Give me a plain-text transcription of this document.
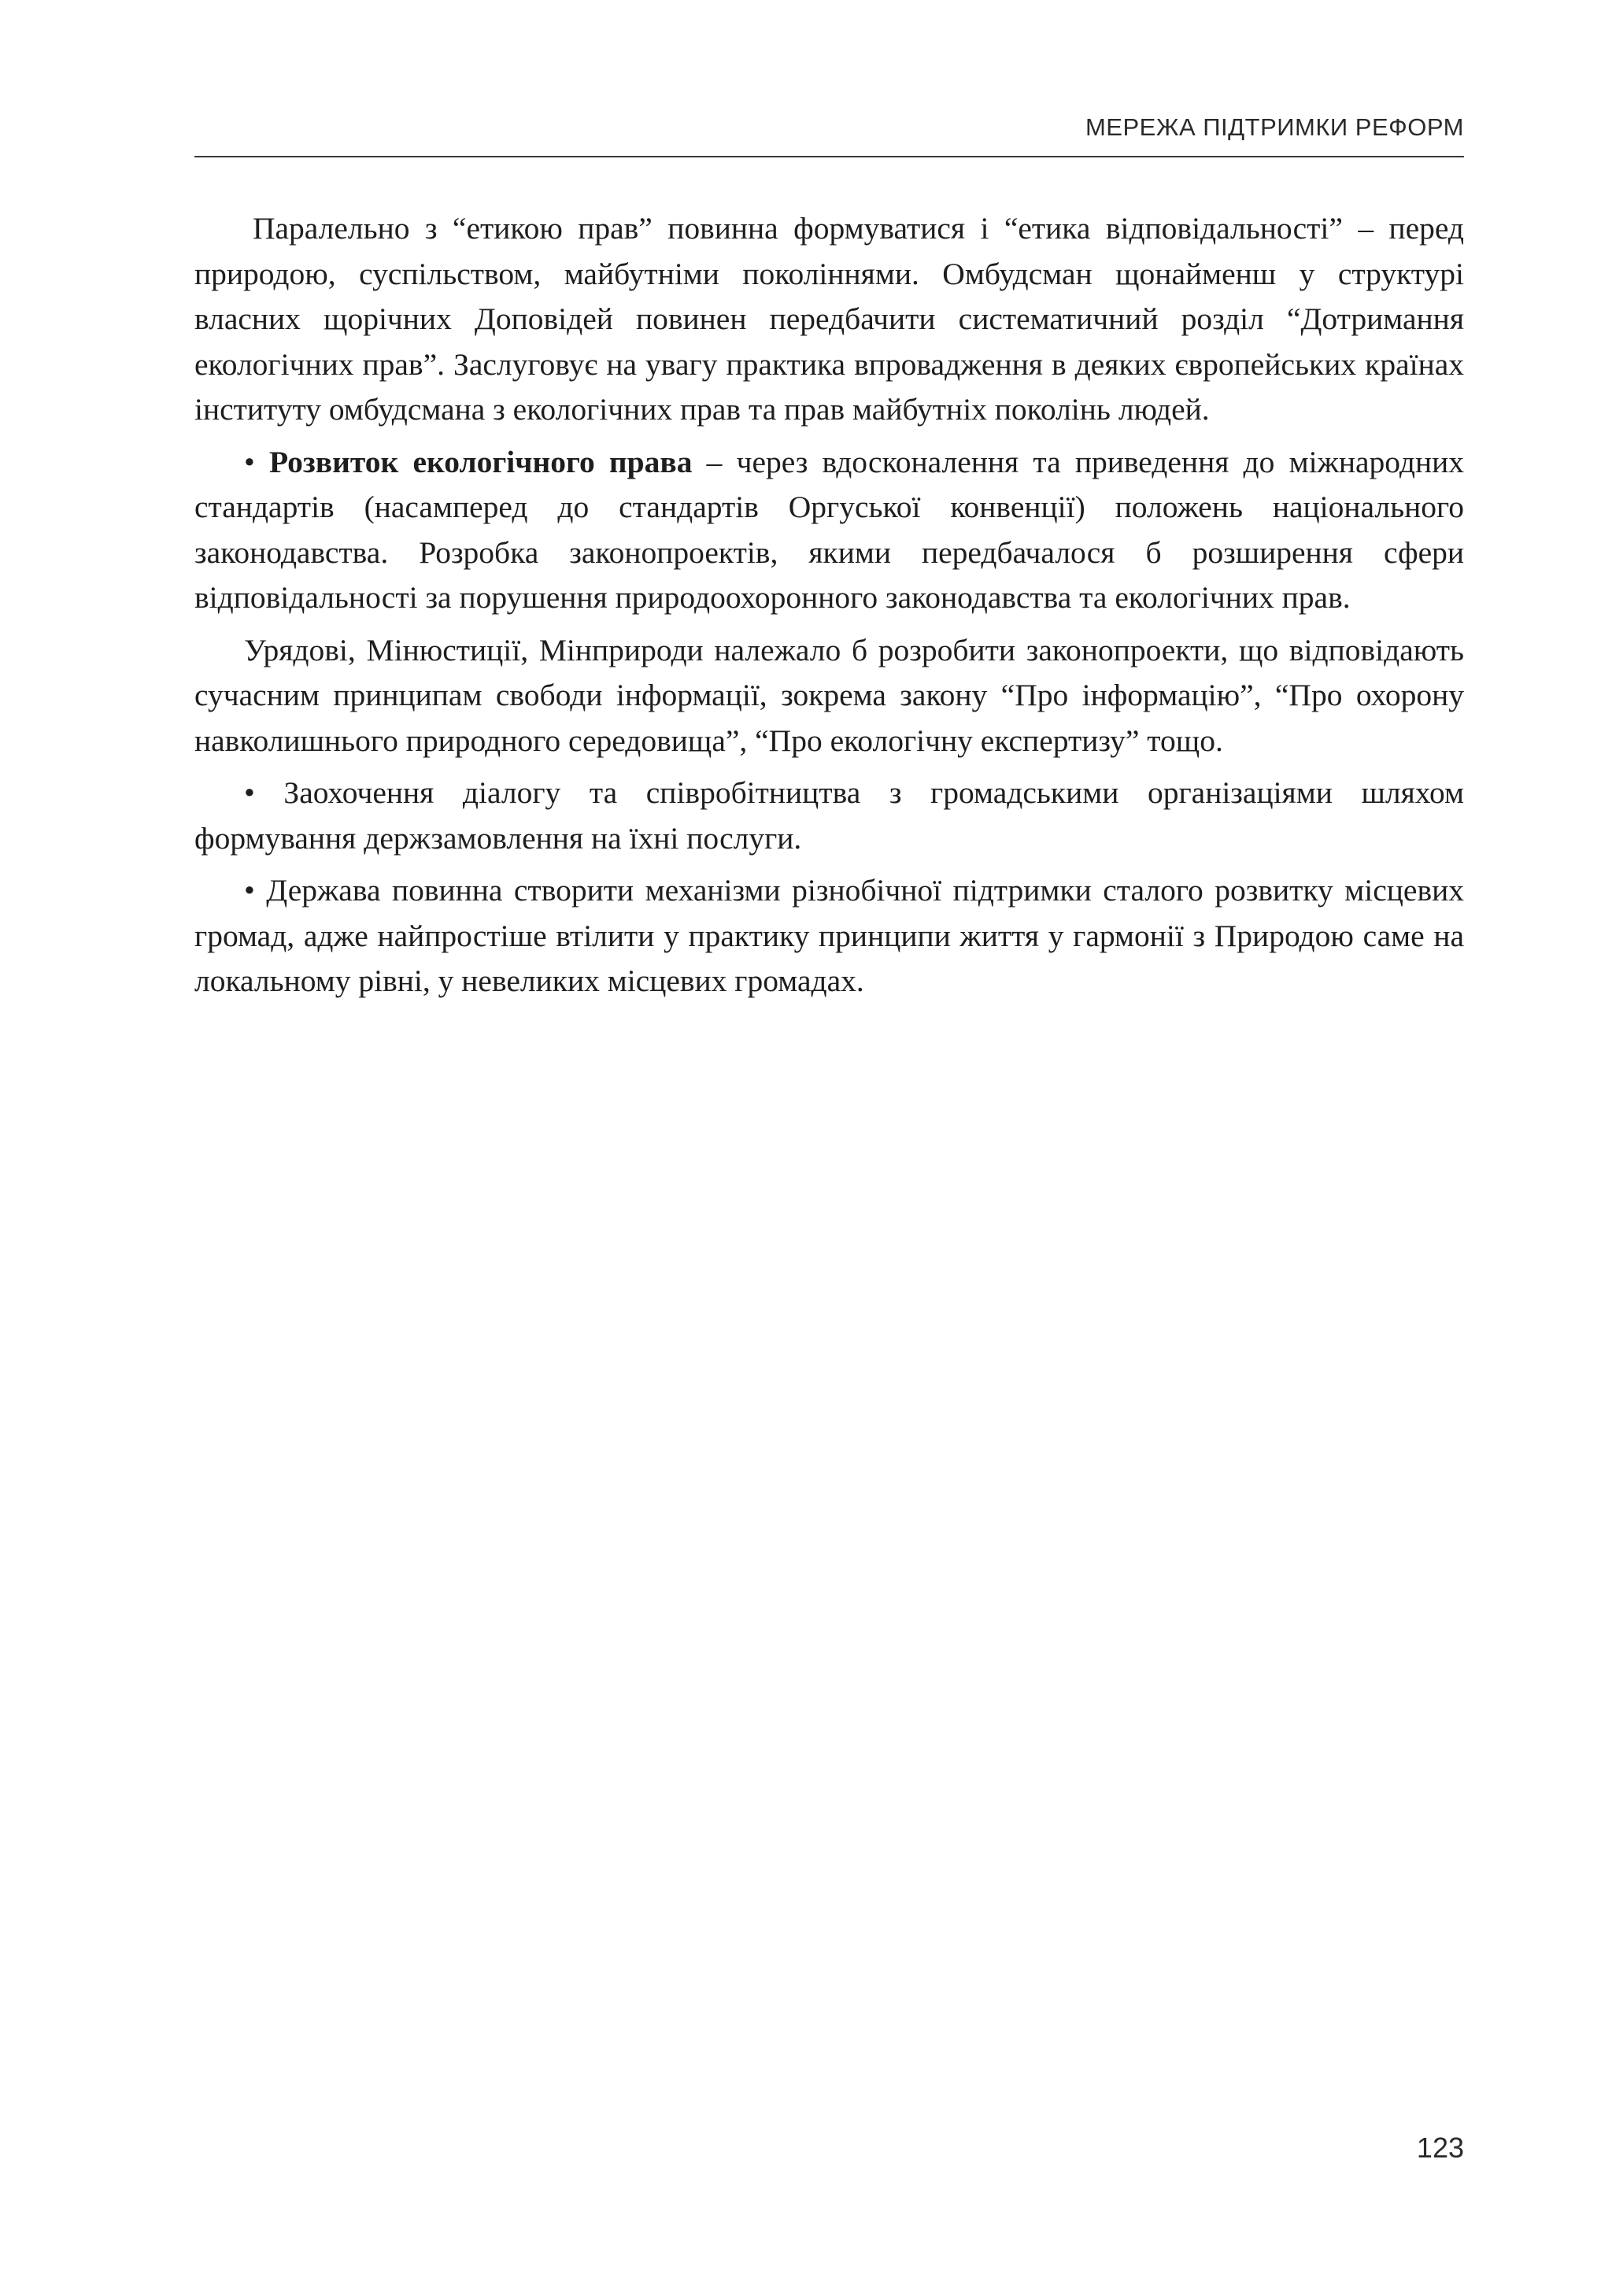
МЕРЕЖА ПІДТРИМКИ РЕФОРМ

Паралельно з “етикою прав” повинна формуватися і “етика відповідальності” – перед природою, суспільством, майбутніми поколіннями. Омбудсман щонайменш у структурі власних щорічних Доповідей повинен передбачити систематичний розділ “Дотримання екологічних прав”. Заслуговує на увагу практика впровадження в деяких європейських країнах інституту омбудсмана з екологічних прав та прав майбутніх поколінь людей.

• Розвиток екологічного права – через вдосконалення та приведення до міжнародних стандартів (насамперед до стандартів Оргуської конвенції) положень національного законодавства. Розробка законопроектів, якими передбачалося б розширення сфери відповідальності за порушення природоохоронного законодавства та екологічних прав.

Урядові, Мінюстиції, Мінприроди належало б розробити законопроекти, що відповідають сучасним принципам свободи інформації, зокрема закону “Про інформацію”, “Про охорону навколишнього природного середовища”, “Про екологічну експертизу” тощо.

• Заохочення діалогу та співробітництва з громадськими організаціями шляхом формування держзамовлення на їхні послуги.

• Держава повинна створити механізми різнобічної підтримки сталого розвитку місцевих громад, адже найпростіше втілити у практику принципи життя у гармонії з Природою саме на локальному рівні, у невеликих місцевих громадах.

123
